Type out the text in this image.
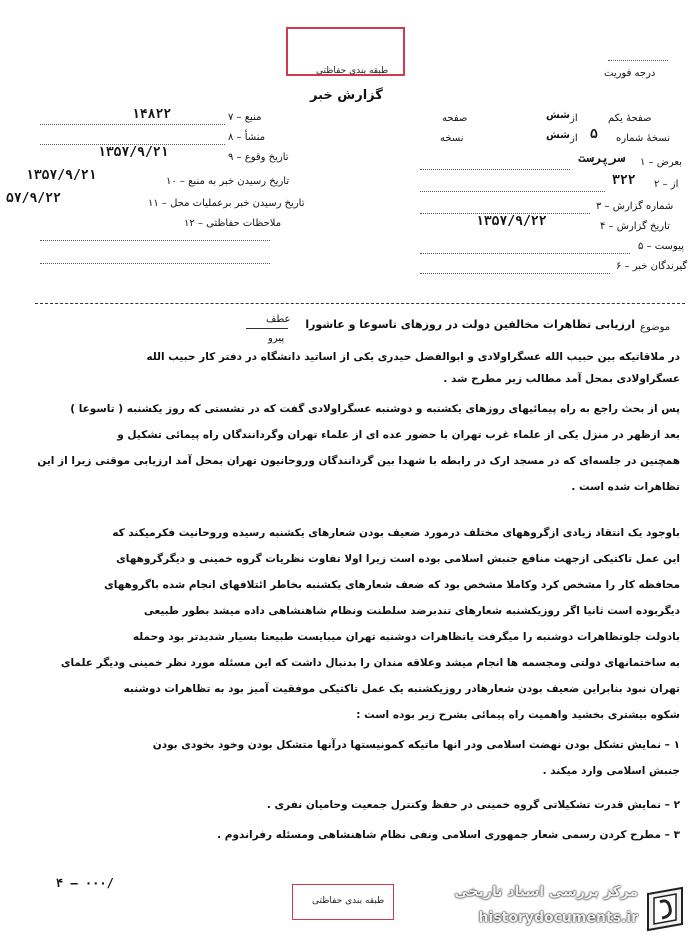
طبقه بندی حفاظتی
گزارش خبر
درجه فوریت
۷ – منبع
۱۴۸۲۲
۸ – منشأ
۹ – تاریخ وقوع
۱۳۵۷/۹/۲۱
۱۰ – تاریخ رسیدن خبر به منبع
۱۳۵۷/۹/۲۱
۱۱ – تاریخ رسیدن خبر برعملیات محل
۵۷/۹/۲۲
۱۲ – ملاحظات حفاظتی
صفحهٔ یکم
شش از
صفحه
نسخهٔ شماره
۵
از
شش
نسخه
۱ – بعرض
سرپرست
۲ – از
۳۲۲
۳ – شماره گزارش
۴ – تاریخ گزارش
۱۳۵۷/۹/۲۲
۵ – پیوست
۶ – گیرندگان خبر
موضوع
ارزیابی تظاهرات مخالفین دولت در روزهای تاسوعا و عاشورا
عطف
پیرو
در ملاقاتیکه بین حبیب الله عسگراولادی و ابوالفضل حیدری یکی از اساتید دانشگاه در دفتر کار حبیب الله
عسگراولادی بمحل آمد مطالب زیر مطرح شد .
پس از بحث راجع به راه پیمائیهای روزهای یکشنبه و دوشنبه عسگراولادی گفت که در نشستی که روز یکشنبه ( تاسوعا )
بعد ازظهر در منزل یکی از علماء غرب تهران با حضور عده ای از علماء تهران وگردانندگان راه پیمائی تشکیل و
همچنین در جلسه‌ای که در مسجد ارک در رابطه با شهدا بین گردانندگان وروحانیون تهران بمحل آمد ارزیابی موقتی زیرا از این
تظاهرات شده است .
باوجود یک انتقاد زیادی ازگروههای مختلف درمورد ضعیف بودن شعارهای یکشنبه رسیده وروحانیت فکرمیکند که
این عمل تاکتیکی ازجهت منافع جنبش اسلامی بوده است زیرا اولا تفاوت نظریات گروه خمینی و دیگرگروههای
محافظه کار را مشخص کرد وکاملا مشخص بود که ضعف شعارهای یکشنبه بخاطر ائتلافهای انجام شده باگروههای
دیگربوده است ثانیا اگر روزیکشنبه شعارهای تندبرضد سلطنت ونظام شاهنشاهی داده میشد بطور طبیعی
بادولت جلوتظاهرات دوشنبه را میگرفت یاتظاهرات دوشنبه تهران میبایست طبیعتا بسیار شدیدتر بود وحمله
به ساختمانهای دولتی ومجسمه ها انجام میشد وعلاقه مندان را بدنبال داشت که این مسئله مورد نظر خمینی ودیگر علمای
تهران نبود بنابراین ضعیف بودن شعارهادر روزیکشنبه یک عمل تاکتیکی موفقیت آمیز بود به تظاهرات دوشنبه
شکوه بیشتری بخشید واهمیت راه پیمائی بشرح زیر بوده است :
۱ – نمایش تشکل بودن نهضت اسلامی ودر انها ماتیکه کمونیستها درآنها متشکل بودن وخود بخودی بودن
جنبش اسلامی وارد میکند .
۲ – نمایش قدرت تشکیلاتی گروه خمینی در حفظ وکنترل جمعیت وحامیان نفری .
۳ – مطرح کردن رسمی شعار جمهوری اسلامی ونفی نظام شاهنشاهی ومسئله رفراندوم .
۴ – ۰۰۰/
طبقه بندی حفاظتی
مرکز بررسی اسناد تاریخی
historydocuments.ir
